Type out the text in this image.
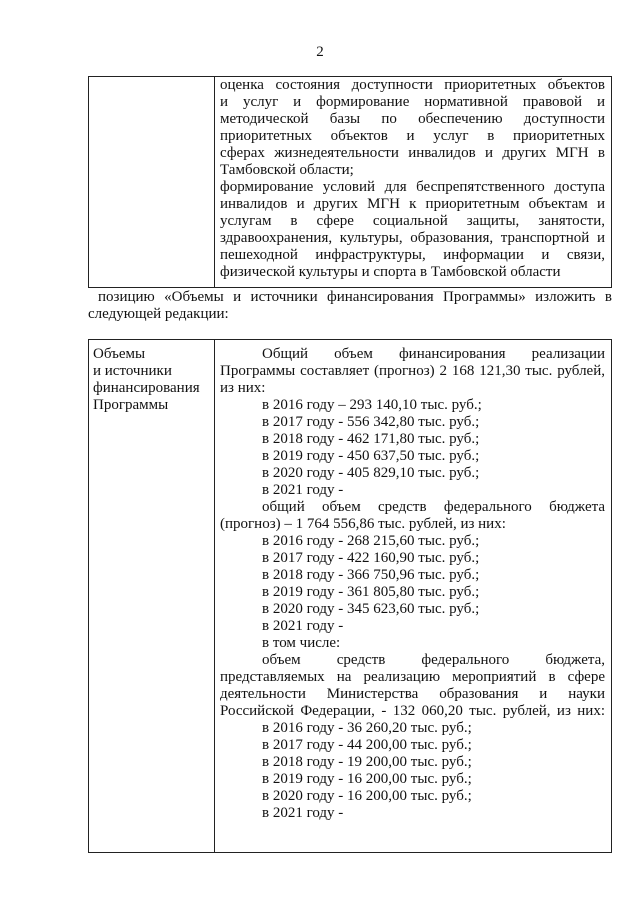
2
оценка состояния доступности приоритетных объектов
и услуг и формирование нормативной правовой и
методической базы по обеспечению доступности
приоритетных объектов и услуг в приоритетных
сферах жизнедеятельности инвалидов и других МГН в
Тамбовской области;
формирование условий для беспрепятственного доступа
инвалидов и других МГН к приоритетным объектам и
услугам в сфере социальной защиты, занятости,
здравоохранения, культуры, образования, транспортной и
пешеходной инфраструктуры, информации и связи,
физической культуры и спорта в Тамбовской области
позицию «Объемы и источники финансирования Программы» изложить в
следующей редакции:
Объемы
и источники
финансирования
Программы
Общий объем финансирования реализации
Программы составляет (прогноз) 2 168 121,30 тыс. рублей,
из них:
в 2016 году – 293 140,10 тыс. руб.;
в 2017 году - 556 342,80 тыс. руб.;
в 2018 году - 462 171,80 тыс. руб.;
в 2019 году - 450 637,50 тыс. руб.;
в 2020 году - 405 829,10 тыс. руб.;
в 2021 году -
общий объем средств федерального бюджета
(прогноз) – 1 764 556,86 тыс. рублей, из них:
в 2016 году - 268 215,60 тыс. руб.;
в 2017 году - 422 160,90 тыс. руб.;
в 2018 году - 366 750,96 тыс. руб.;
в 2019 году - 361 805,80 тыс. руб.;
в 2020 году - 345 623,60 тыс. руб.;
в 2021 году -
в том числе:
объем средств федерального бюджета,
представляемых на реализацию мероприятий в сфере
деятельности Министерства образования и науки
Российской Федерации, - 132 060,20 тыс. рублей, из них:
в 2016 году - 36 260,20 тыс. руб.;
в 2017 году - 44 200,00 тыс. руб.;
в 2018 году - 19 200,00 тыс. руб.;
в 2019 году - 16 200,00 тыс. руб.;
в 2020 году - 16 200,00 тыс. руб.;
в 2021 году -
